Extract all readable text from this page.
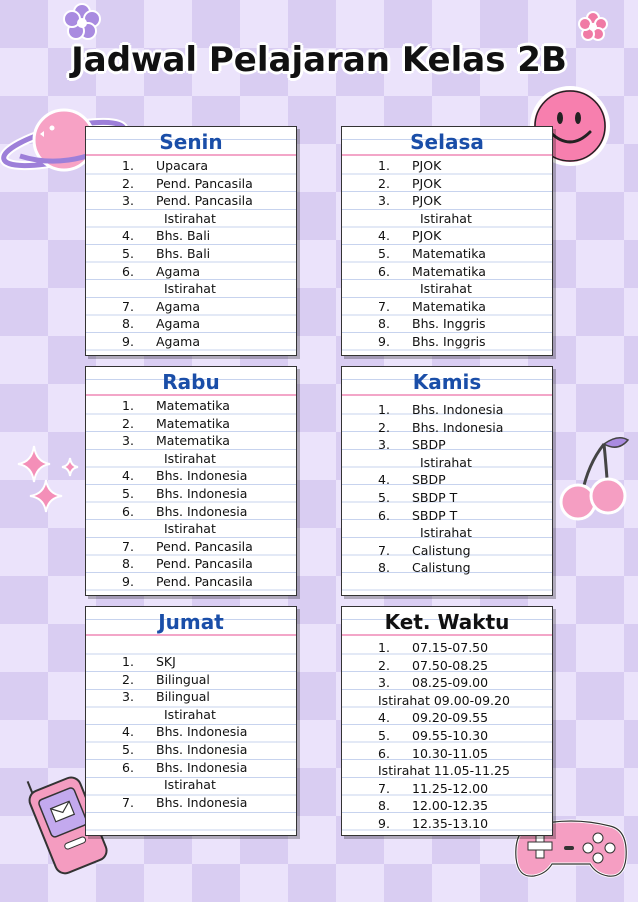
Jadwal Pelajaran Kelas 2B
Senin
1. Upacara
2. Pend. Pancasila
3. Pend. Pancasila
Istirahat
4. Bhs. Bali
5. Bhs. Bali
6. Agama
Istirahat
7. Agama
8. Agama
9. Agama
Selasa
1. PJOK
2. PJOK
3. PJOK
Istirahat
4. PJOK
5. Matematika
6. Matematika
Istirahat
7. Matematika
8. Bhs. Inggris
9. Bhs. Inggris
Rabu
1. Matematika
2. Matematika
3. Matematika
Istirahat
4. Bhs. Indonesia
5. Bhs. Indonesia
6. Bhs. Indonesia
Istirahat
7. Pend. Pancasila
8. Pend. Pancasila
9. Pend. Pancasila
Kamis
1. Bhs. Indonesia
2. Bhs. Indonesia
3. SBDP
Istirahat
4. SBDP
5. SBDP T
6. SBDP T
Istirahat
7. Calistung
8. Calistung
Jumat
1. SKJ
2. Bilingual
3. Bilingual
Istirahat
4. Bhs. Indonesia
5. Bhs. Indonesia
6. Bhs. Indonesia
Istirahat
7. Bhs. Indonesia
Ket. Waktu
1. 07.15-07.50
2. 07.50-08.25
3. 08.25-09.00
Istirahat 09.00-09.20
4. 09.20-09.55
5. 09.55-10.30
6. 10.30-11.05
Istirahat 11.05-11.25
7. 11.25-12.00
8. 12.00-12.35
9. 12.35-13.10
